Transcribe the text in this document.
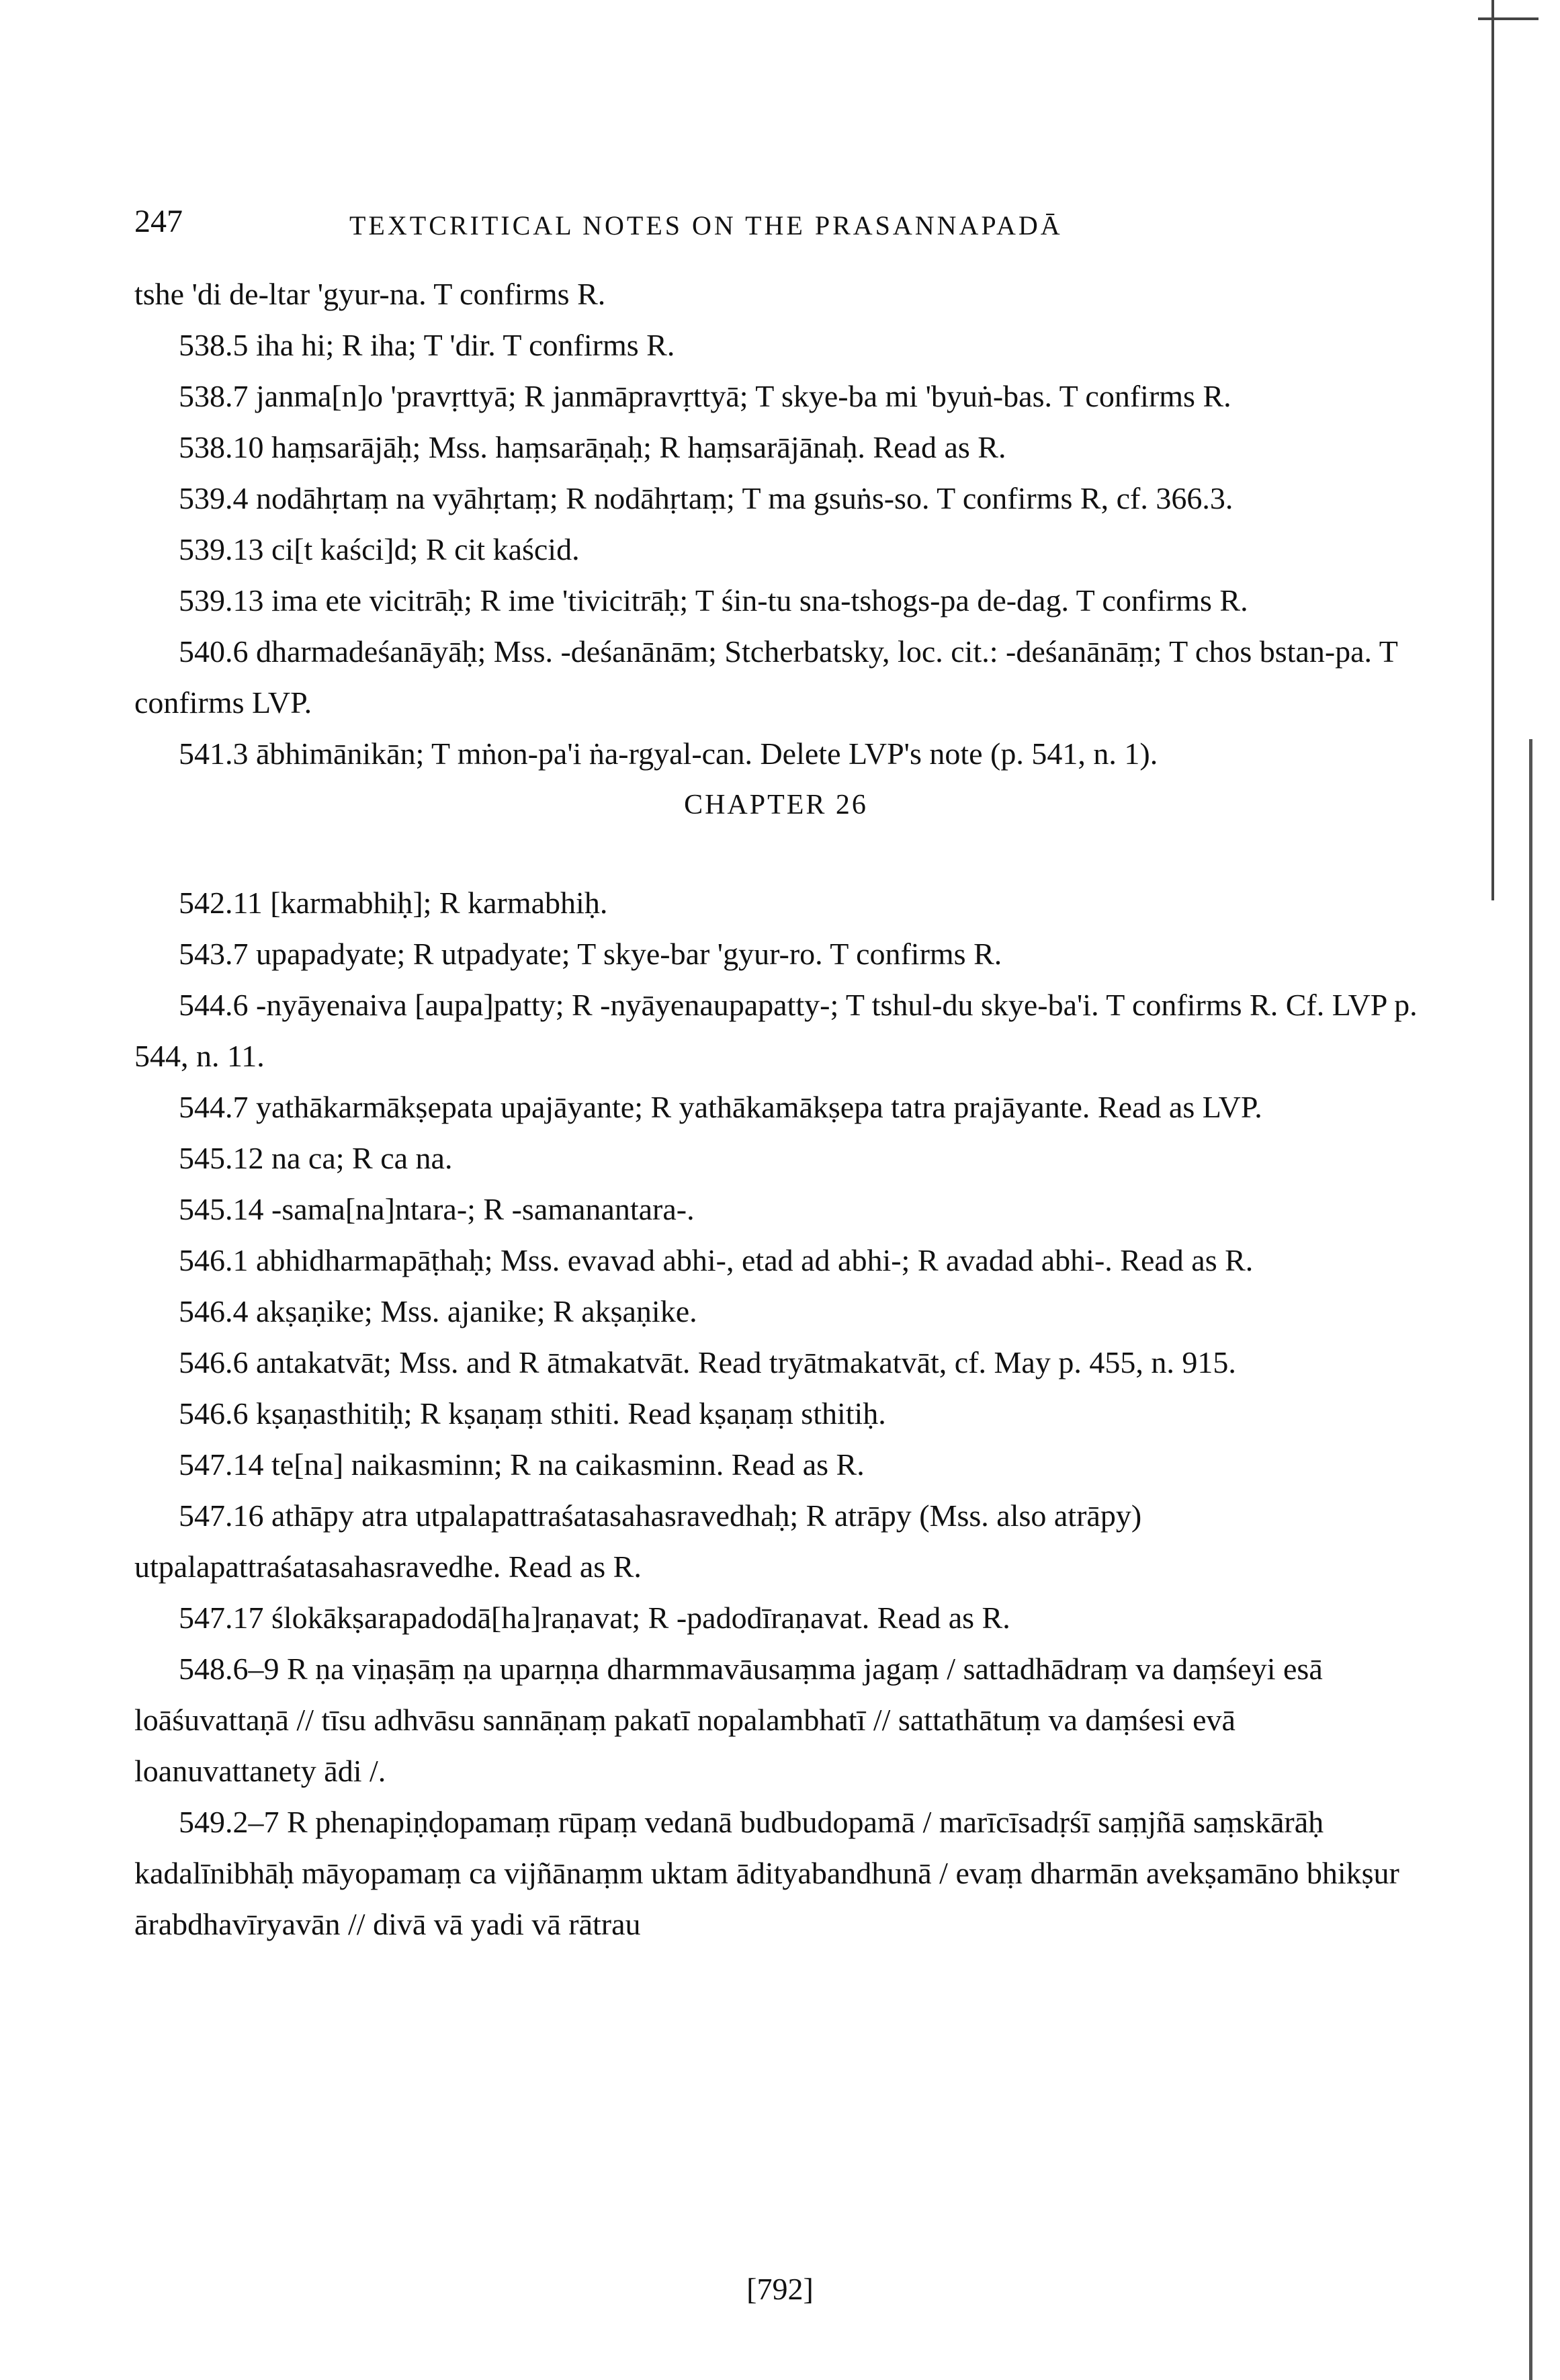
247	TEXTCRITICAL NOTES ON THE PRASANNAPADĀ

tshe 'di de-ltar 'gyur-na. T confirms R.

538.5 iha hi; R iha; T 'dir. T confirms R.

538.7 janma[n]o 'pravṛttyā; R janmāpravṛttyā; T skye-ba mi 'byuṅ-bas. T confirms R.

538.10 haṃsarājāḥ; Mss. haṃsarāṇaḥ; R haṃsarājānaḥ. Read as R.

539.4 nodāhṛtaṃ na vyāhṛtaṃ; R nodāhṛtaṃ; T ma gsuṅs-so. T confirms R, cf. 366.3.

539.13 ci[t kaści]d; R cit kaścid.

539.13 ima ete vicitrāḥ; R ime 'tivicitrāḥ; T śin-tu sna-tshogs-pa de-dag. T confirms R.

540.6 dharmadeśanāyāḥ; Mss. -deśanānām; Stcherbatsky, loc. cit.: -deśanānāṃ; T chos bstan-pa. T confirms LVP.

541.3 ābhimānikān; T mṅon-pa'i ṅa-rgyal-can. Delete LVP's note (p. 541, n. 1).

CHAPTER 26

542.11 [karmabhiḥ]; R karmabhiḥ.

543.7 upapadyate; R utpadyate; T skye-bar 'gyur-ro. T confirms R.

544.6 -nyāyenaiva [aupa]patty; R -nyāyenaupapatty-; T tshul-du skye-ba'i. T confirms R. Cf. LVP p. 544, n. 11.

544.7 yathākarmākṣepata upajāyante; R yathākamākṣepa tatra prajāyante. Read as LVP.

545.12 na ca; R ca na.

545.14 -sama[na]ntara-; R -samanantara-.

546.1 abhidharmapāṭhaḥ; Mss. evavad abhi-, etad ad abhi-; R avadad abhi-. Read as R.

546.4 akṣaṇike; Mss. ajanike; R akṣaṇike.

546.6 antakatvāt; Mss. and R ātmakatvāt. Read tryātmakatvāt, cf. May p. 455, n. 915.

546.6 kṣaṇasthitiḥ; R kṣaṇaṃ sthiti. Read kṣaṇaṃ sthitiḥ.

547.14 te[na] naikasminn; R na caikasminn. Read as R.

547.16 athāpy atra utpalapattraśatasahasravedhaḥ; R atrāpy (Mss. also atrāpy) utpalapattraśatasahasravedhe. Read as R.

547.17 ślokākṣarapadodā[ha]raṇavat; R -padodīraṇavat. Read as R.

548.6–9 R ṇa viṇaṣāṃ ṇa uparṇṇa dharmmavāusaṃma jagaṃ / sattadhādraṃ va daṃśeyi esā loāśuvattaṇā // tīsu adhvāsu sannāṇaṃ pakatī nopalambhatī // sattathātuṃ va daṃśesi evā loanuvattanety ādi /.

549.2–7 R phenapiṇḍopamaṃ rūpaṃ vedanā budbudopamā / marīcīsadṛśī saṃjñā saṃskārāḥ kadalīnibhāḥ māyopamaṃ ca vijñānaṃm uktam ādityabandhunā / evaṃ dharmān avekṣamāno bhikṣur ārabdhavīryavān // divā vā yadi vā rātrau

[792]
